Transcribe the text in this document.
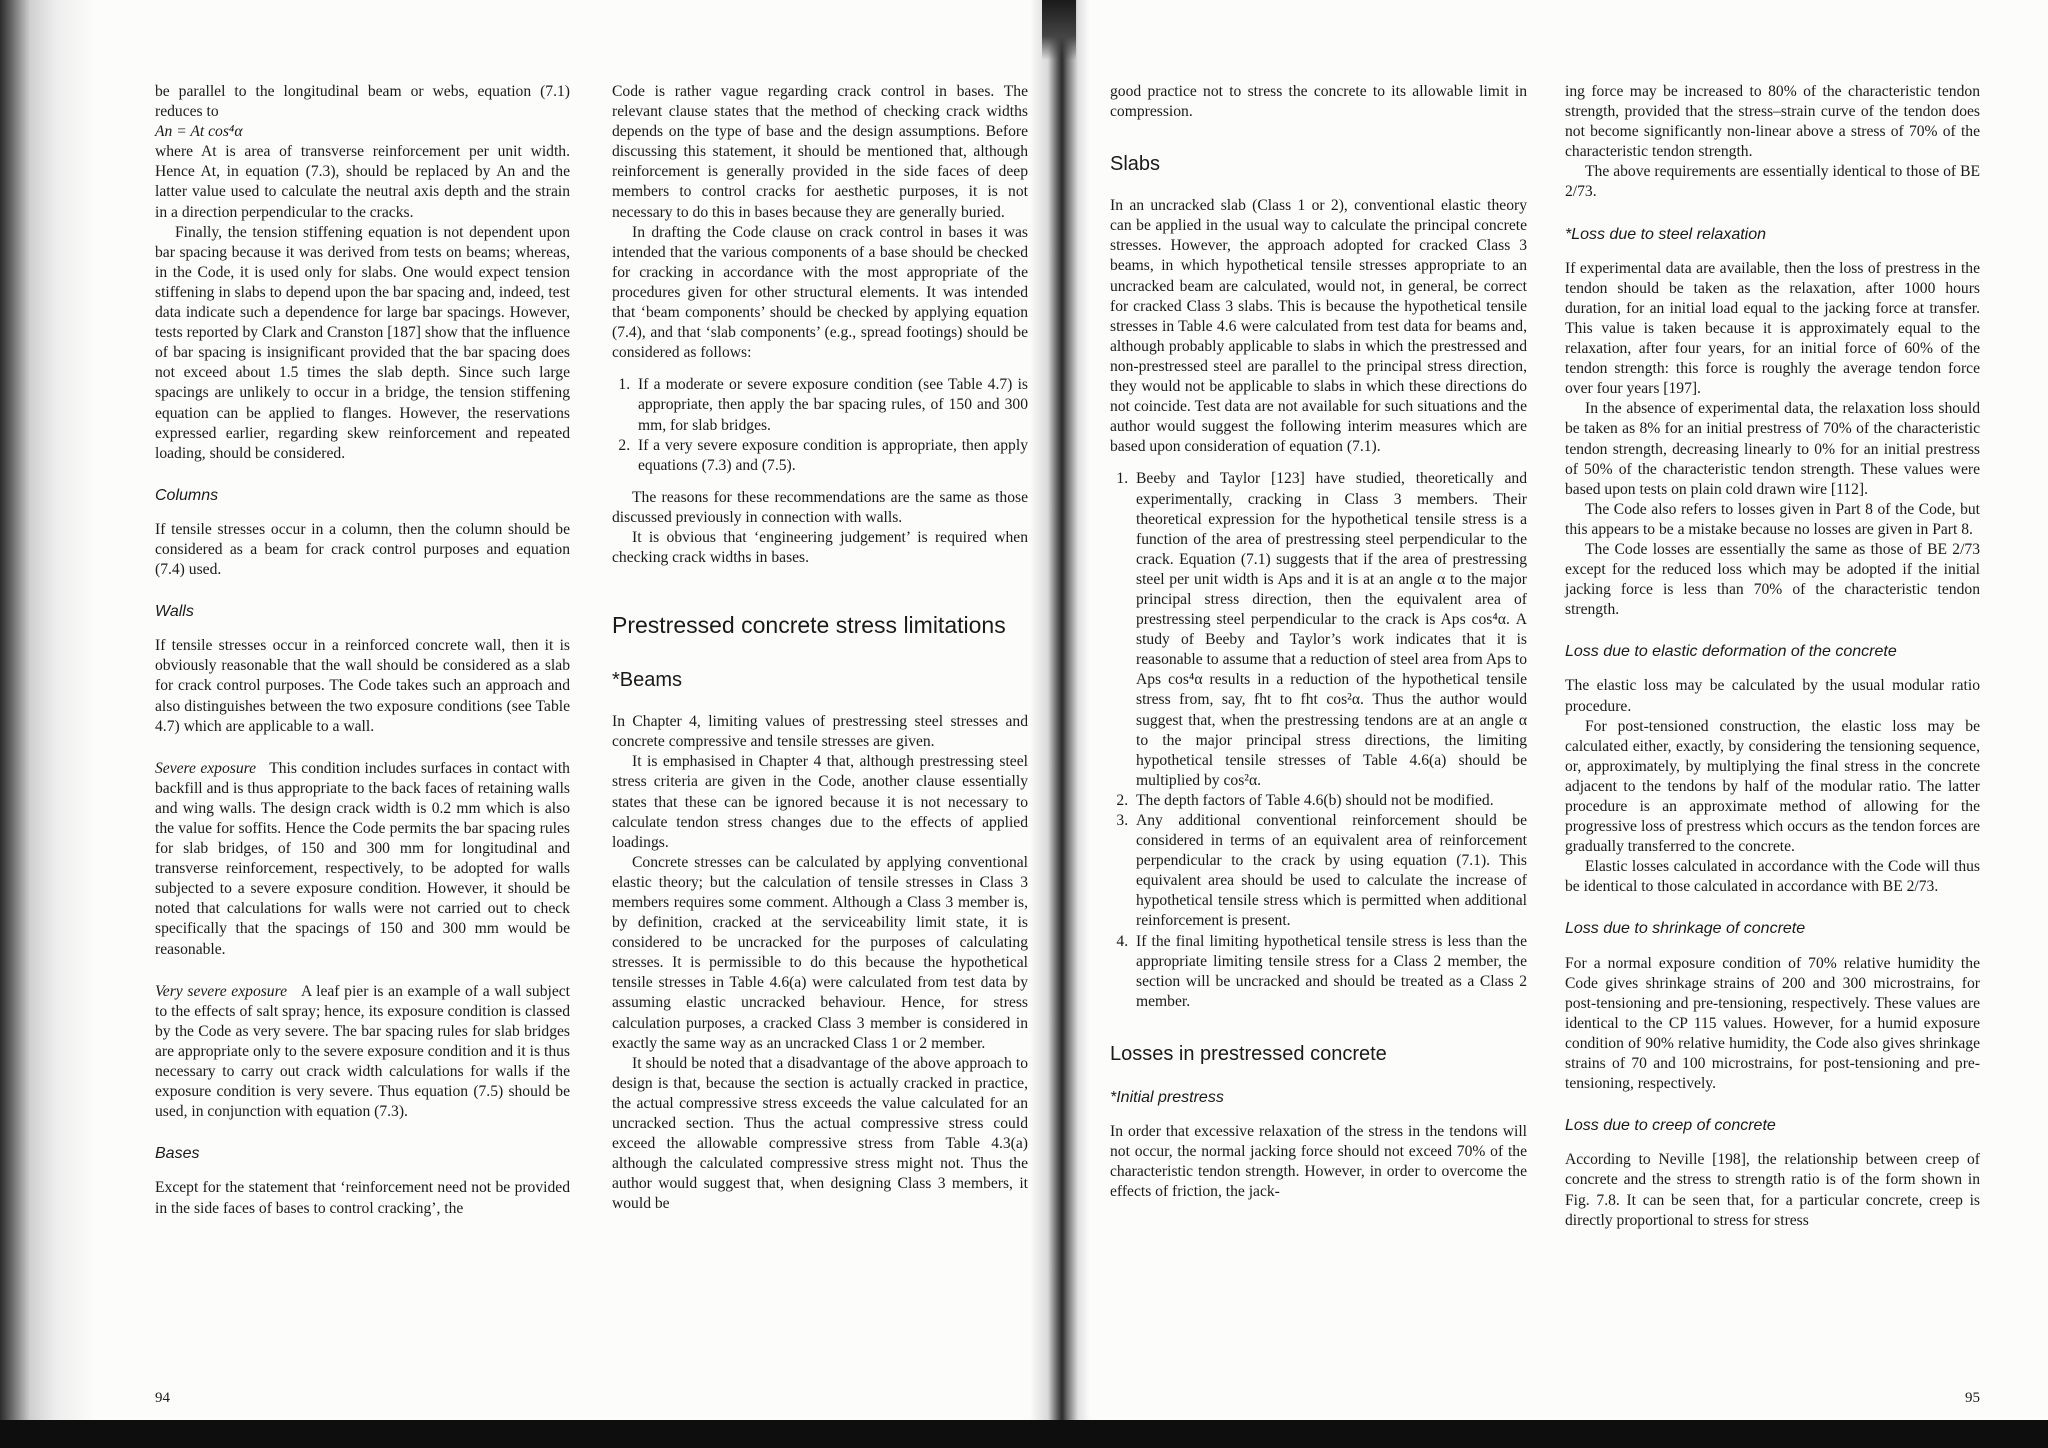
be parallel to the longitudinal beam or webs, equation (7.1) reduces to

An = At cos⁴α

where At is area of transverse reinforcement per unit width. Hence At, in equation (7.3), should be replaced by An and the latter value used to calculate the neutral axis depth and the strain in a direction perpendicular to the cracks.

Finally, the tension stiffening equation is not dependent upon bar spacing because it was derived from tests on beams; whereas, in the Code, it is used only for slabs. One would expect tension stiffening in slabs to depend upon the bar spacing and, indeed, test data indicate such a dependence for large bar spacings. However, tests reported by Clark and Cranston [187] show that the influence of bar spacing is insignificant provided that the bar spacing does not exceed about 1.5 times the slab depth. Since such large spacings are unlikely to occur in a bridge, the tension stiffening equation can be applied to flanges. However, the reservations expressed earlier, regarding skew reinforcement and repeated loading, should be considered.

Columns

If tensile stresses occur in a column, then the column should be considered as a beam for crack control purposes and equation (7.4) used.

Walls

If tensile stresses occur in a reinforced concrete wall, then it is obviously reasonable that the wall should be considered as a slab for crack control purposes. The Code takes such an approach and also distinguishes between the two exposure conditions (see Table 4.7) which are applicable to a wall.

Severe exposure This condition includes surfaces in contact with backfill and is thus appropriate to the back faces of retaining walls and wing walls. The design crack width is 0.2 mm which is also the value for soffits. Hence the Code permits the bar spacing rules for slab bridges, of 150 and 300 mm for longitudinal and transverse reinforcement, respectively, to be adopted for walls subjected to a severe exposure condition. However, it should be noted that calculations for walls were not carried out to check specifically that the spacings of 150 and 300 mm would be reasonable.

Very severe exposure A leaf pier is an example of a wall subject to the effects of salt spray; hence, its exposure condition is classed by the Code as very severe. The bar spacing rules for slab bridges are appropriate only to the severe exposure condition and it is thus necessary to carry out crack width calculations for walls if the exposure condition is very severe. Thus equation (7.5) should be used, in conjunction with equation (7.3).

Bases

Except for the statement that ‘reinforcement need not be provided in the side faces of bases to control cracking’, the

Code is rather vague regarding crack control in bases. The relevant clause states that the method of checking crack widths depends on the type of base and the design assumptions. Before discussing this statement, it should be mentioned that, although reinforcement is generally provided in the side faces of deep members to control cracks for aesthetic purposes, it is not necessary to do this in bases because they are generally buried.

In drafting the Code clause on crack control in bases it was intended that the various components of a base should be checked for cracking in accordance with the most appropriate of the procedures given for other structural elements. It was intended that ‘beam components’ should be checked by applying equation (7.4), and that ‘slab components’ (e.g., spread footings) should be considered as follows:

1. If a moderate or severe exposure condition (see Table 4.7) is appropriate, then apply the bar spacing rules, of 150 and 300 mm, for slab bridges.
2. If a very severe exposure condition is appropriate, then apply equations (7.3) and (7.5).

The reasons for these recommendations are the same as those discussed previously in connection with walls.

It is obvious that ‘engineering judgement’ is required when checking crack widths in bases.

Prestressed concrete stress limitations
*Beams

In Chapter 4, limiting values of prestressing steel stresses and concrete compressive and tensile stresses are given.

It is emphasised in Chapter 4 that, although prestressing steel stress criteria are given in the Code, another clause essentially states that these can be ignored because it is not necessary to calculate tendon stress changes due to the effects of applied loadings.

Concrete stresses can be calculated by applying conventional elastic theory; but the calculation of tensile stresses in Class 3 members requires some comment. Although a Class 3 member is, by definition, cracked at the serviceability limit state, it is considered to be uncracked for the purposes of calculating stresses. It is permissible to do this because the hypothetical tensile stresses in Table 4.6(a) were calculated from test data by assuming elastic uncracked behaviour. Hence, for stress calculation purposes, a cracked Class 3 member is considered in exactly the same way as an uncracked Class 1 or 2 member.

It should be noted that a disadvantage of the above approach to design is that, because the section is actually cracked in practice, the actual compressive stress exceeds the value calculated for an uncracked section. Thus the actual compressive stress could exceed the allowable compressive stress from Table 4.3(a) although the calculated compressive stress might not. Thus the author would suggest that, when designing Class 3 members, it would be

good practice not to stress the concrete to its allowable limit in compression.

Slabs

In an uncracked slab (Class 1 or 2), conventional elastic theory can be applied in the usual way to calculate the principal concrete stresses. However, the approach adopted for cracked Class 3 beams, in which hypothetical tensile stresses appropriate to an uncracked beam are calculated, would not, in general, be correct for cracked Class 3 slabs. This is because the hypothetical tensile stresses in Table 4.6 were calculated from test data for beams and, although probably applicable to slabs in which the prestressed and non-prestressed steel are parallel to the principal stress direction, they would not be applicable to slabs in which these directions do not coincide. Test data are not available for such situations and the author would suggest the following interim measures which are based upon consideration of equation (7.1).

1. Beeby and Taylor [123] have studied, theoretically and experimentally, cracking in Class 3 members. Their theoretical expression for the hypothetical tensile stress is a function of the area of prestressing steel perpendicular to the crack. Equation (7.1) suggests that if the area of prestressing steel per unit width is Aps and it is at an angle α to the major principal stress direction, then the equivalent area of prestressing steel perpendicular to the crack is Aps cos⁴α. A study of Beeby and Taylor’s work indicates that it is reasonable to assume that a reduction of steel area from Aps to Aps cos⁴α results in a reduction of the hypothetical tensile stress from, say, fht to fht cos²α. Thus the author would suggest that, when the prestressing tendons are at an angle α to the major principal stress directions, the limiting hypothetical tensile stresses of Table 4.6(a) should be multiplied by cos²α.
2. The depth factors of Table 4.6(b) should not be modified.
3. Any additional conventional reinforcement should be considered in terms of an equivalent area of reinforcement perpendicular to the crack by using equation (7.1). This equivalent area should be used to calculate the increase of hypothetical tensile stress which is permitted when additional reinforcement is present.
4. If the final limiting hypothetical tensile stress is less than the appropriate limiting tensile stress for a Class 2 member, the section will be uncracked and should be treated as a Class 2 member.
Losses in prestressed concrete
*Initial prestress

In order that excessive relaxation of the stress in the tendons will not occur, the normal jacking force should not exceed 70% of the characteristic tendon strength. However, in order to overcome the effects of friction, the jack-

ing force may be increased to 80% of the characteristic tendon strength, provided that the stress–strain curve of the tendon does not become significantly non-linear above a stress of 70% of the characteristic tendon strength.

The above requirements are essentially identical to those of BE 2/73.

*Loss due to steel relaxation

If experimental data are available, then the loss of prestress in the tendon should be taken as the relaxation, after 1000 hours duration, for an initial load equal to the jacking force at transfer. This value is taken because it is approximately equal to the relaxation, after four years, for an initial force of 60% of the tendon strength: this force is roughly the average tendon force over four years [197].

In the absence of experimental data, the relaxation loss should be taken as 8% for an initial prestress of 70% of the characteristic tendon strength, decreasing linearly to 0% for an initial prestress of 50% of the characteristic tendon strength. These values were based upon tests on plain cold drawn wire [112].

The Code also refers to losses given in Part 8 of the Code, but this appears to be a mistake because no losses are given in Part 8.

The Code losses are essentially the same as those of BE 2/73 except for the reduced loss which may be adopted if the initial jacking force is less than 70% of the characteristic tendon strength.

Loss due to elastic deformation of the concrete

The elastic loss may be calculated by the usual modular ratio procedure.

For post-tensioned construction, the elastic loss may be calculated either, exactly, by considering the tensioning sequence, or, approximately, by multiplying the final stress in the concrete adjacent to the tendons by half of the modular ratio. The latter procedure is an approximate method of allowing for the progressive loss of prestress which occurs as the tendon forces are gradually transferred to the concrete.

Elastic losses calculated in accordance with the Code will thus be identical to those calculated in accordance with BE 2/73.

Loss due to shrinkage of concrete

For a normal exposure condition of 70% relative humidity the Code gives shrinkage strains of 200 and 300 microstrains, for post-tensioning and pre-tensioning, respectively. These values are identical to the CP 115 values. However, for a humid exposure condition of 90% relative humidity, the Code also gives shrinkage strains of 70 and 100 microstrains, for post-tensioning and pre-tensioning, respectively.

Loss due to creep of concrete

According to Neville [198], the relationship between creep of concrete and the stress to strength ratio is of the form shown in Fig. 7.8. It can be seen that, for a particular concrete, creep is directly proportional to stress for stress

94	95
